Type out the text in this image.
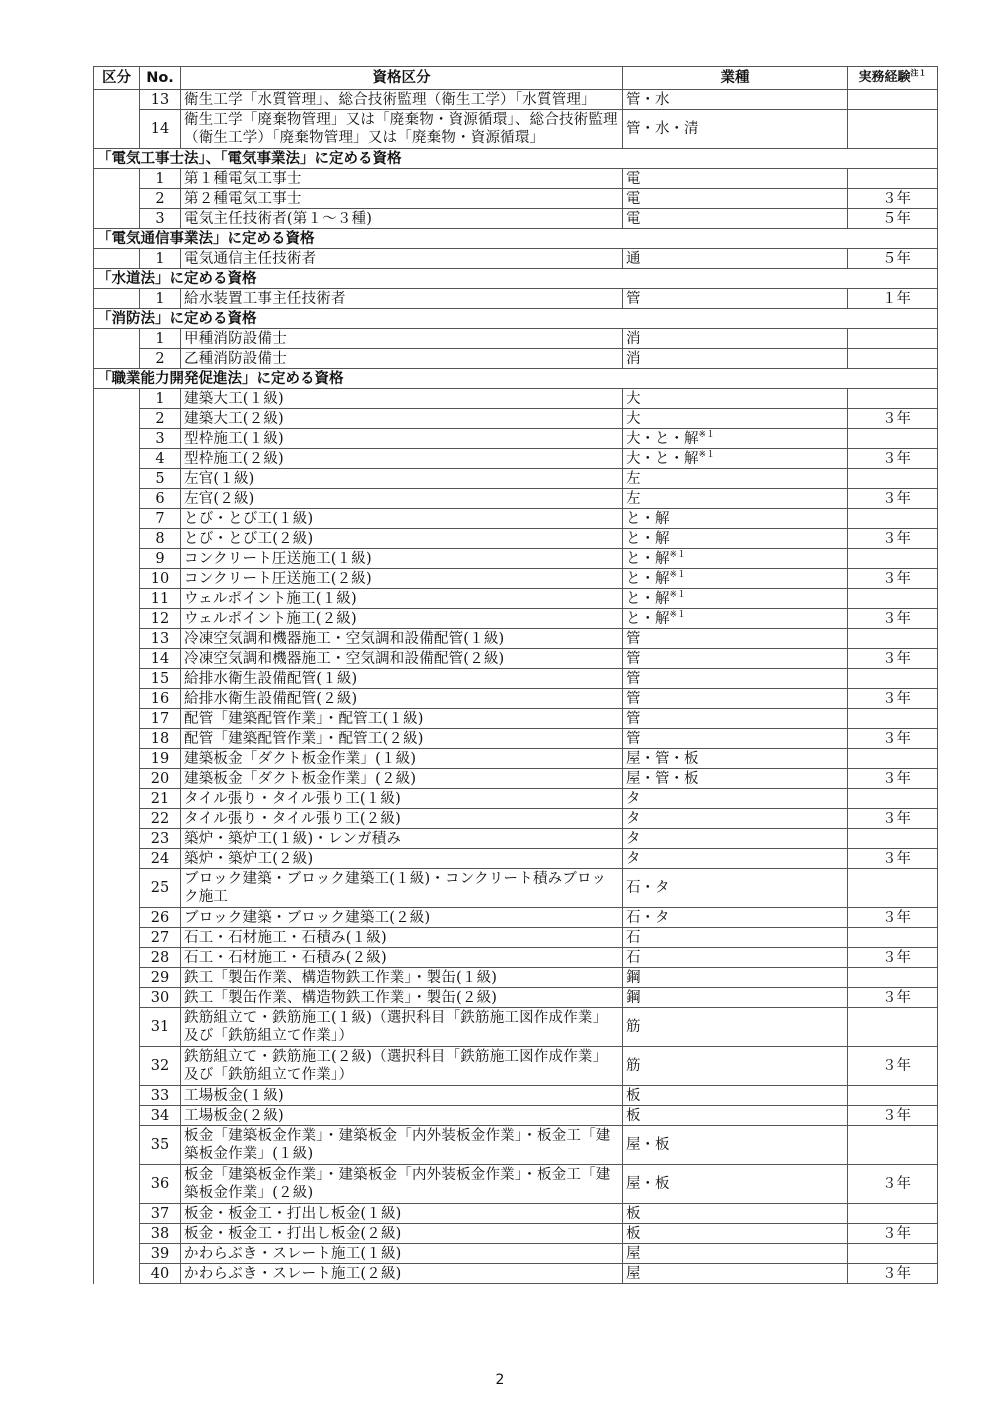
区分	No.	資格区分	業種	実務経験$^{注1}$
	13	衛生工学「水質管理」、総合技術監理（衛生工学）「水質管理」	管・水	
	14	衛生工学「廃棄物管理」又は「廃棄物・資源循環」、総合技術監理（衛生工学）「廃棄物管理」又は「廃棄物・資源循環」	管・水・清	
「電気工事士法」、「電気事業法」に定める資格				
	1	第１種電気工事士	電	
	2	第２種電気工事士	電	３年
	3	電気主任技術者(第１～３種)	電	５年
「電気通信事業法」に定める資格				
	1	電気通信主任技術者	通	５年
「水道法」に定める資格				
	1	給水装置工事主任技術者	管	１年
「消防法」に定める資格				
	1	甲種消防設備士	消	
	2	乙種消防設備士	消	
「職業能力開発促進法」に定める資格				
	1	建築大工(１級)	大	
	2	建築大工(２級)	大	３年
	3	型枠施工(１級)	大・と・解$^{※1}$	
	4	型枠施工(２級)	大・と・解$^{※1}$	３年
	5	左官(１級)	左	
	6	左官(２級)	左	３年
	7	とび・とび工(１級)	と・解	
	8	とび・とび工(２級)	と・解	３年
	9	コンクリート圧送施工(１級)	と・解$^{※1}$	
	10	コンクリート圧送施工(２級)	と・解$^{※1}$	３年
	11	ウェルポイント施工(１級)	と・解$^{※1}$	
	12	ウェルポイント施工(２級)	と・解$^{※1}$	３年
	13	冷凍空気調和機器施工・空気調和設備配管(１級)	管	
	14	冷凍空気調和機器施工・空気調和設備配管(２級)	管	３年
	15	給排水衛生設備配管(１級)	管	
	16	給排水衛生設備配管(２級)	管	３年
	17	配管「建築配管作業」・配管工(１級)	管	
	18	配管「建築配管作業」・配管工(２級)	管	３年
	19	建築板金「ダクト板金作業」(１級)	屋・管・板	
	20	建築板金「ダクト板金作業」(２級)	屋・管・板	３年
	21	タイル張り・タイル張り工(１級)	タ	
	22	タイル張り・タイル張り工(２級)	タ	３年
	23	築炉・築炉工(１級)・レンガ積み	タ	
	24	築炉・築炉工(２級)	タ	３年
	25	ブロック建築・ブロック建築工(１級)・コンクリート積みブロック施工	石・タ	
	26	ブロック建築・ブロック建築工(２級)	石・タ	３年
	27	石工・石材施工・石積み(１級)	石	
	28	石工・石材施工・石積み(２級)	石	３年
	29	鉄工「製缶作業、構造物鉄工作業」・製缶(１級)	鋼	
	30	鉄工「製缶作業、構造物鉄工作業」・製缶(２級)	鋼	３年
	31	鉄筋組立て・鉄筋施工(１級)（選択科目「鉄筋施工図作成作業」及び「鉄筋組立て作業」）	筋	
	32	鉄筋組立て・鉄筋施工(２級)（選択科目「鉄筋施工図作成作業」及び「鉄筋組立て作業」）	筋	３年
	33	工場板金(１級)	板	
	34	工場板金(２級)	板	３年
	35	板金「建築板金作業」・建築板金「内外装板金作業」・板金工「建築板金作業」(１級)	屋・板	
	36	板金「建築板金作業」・建築板金「内外装板金作業」・板金工「建築板金作業」(２級)	屋・板	３年
	37	板金・板金工・打出し板金(１級)	板	
	38	板金・板金工・打出し板金(２級)	板	３年
	39	かわらぶき・スレート施工(１級)	屋	
	40	かわらぶき・スレート施工(２級)	屋	３年
2
